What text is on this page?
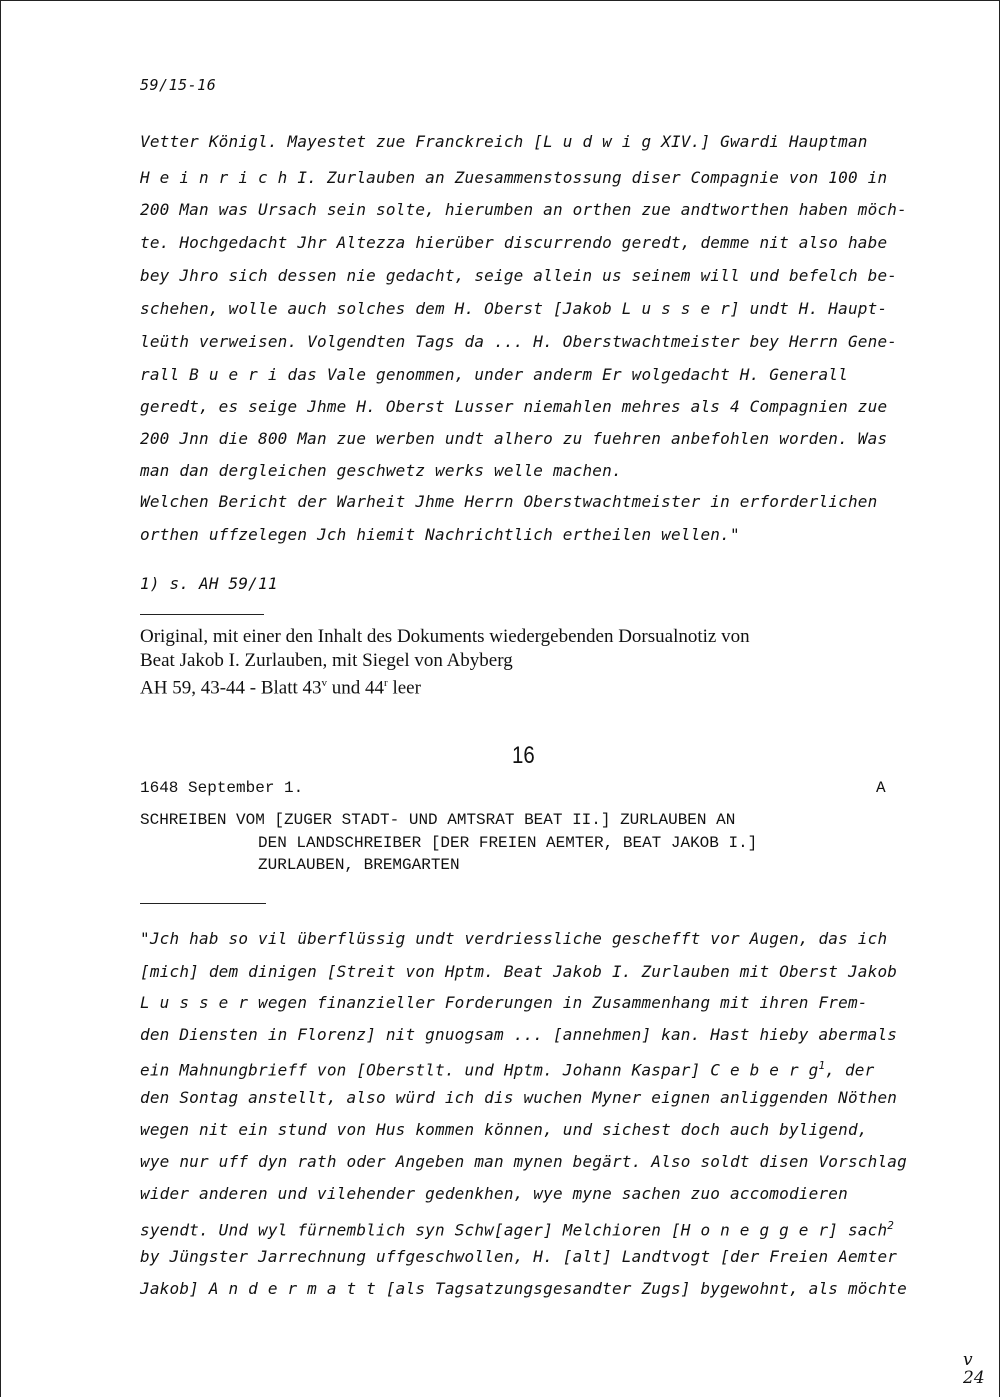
59/15-16
Vetter Königl. Mayestet zue Franckreich [L u d w i g XIV.] Gwardi Hauptman
H e i n r i c h I. Zurlauben an Zuesammenstossung diser Compagnie von 100 in
200 Man was Ursach sein solte, hierumben an orthen zue andtworthen haben möch-
te. Hochgedacht Jhr Altezza hierüber discurrendo geredt, demme nit also habe
bey Jhro sich dessen nie gedacht, seige allein us seinem will und befelch be-
schehen, wolle auch solches dem H. Oberst [Jakob L u s s e r] undt H. Haupt-
leüth verweisen. Volgendten Tags da ... H. Oberstwachtmeister bey Herrn Gene-
rall B u e r i das Vale genommen, under anderm Er wolgedacht H. Generall
geredt, es seige Jhme H. Oberst Lusser niemahlen mehres als 4 Compagnien zue
200 Jnn die 800 Man zue werben undt alhero zu fuehren anbefohlen worden. Was
man dan dergleichen geschwetz werks welle machen.
Welchen Bericht der Warheit Jhme Herrn Oberstwachtmeister in erforderlichen
orthen uffzelegen Jch hiemit Nachrichtlich ertheilen wellen."
1) s. AH 59/11
Original, mit einer den Inhalt des Dokuments wiedergebenden Dorsualnotiz von
Beat Jakob I. Zurlauben, mit Siegel von Abyberg
AH 59, 43-44 - Blatt 43$^v$ und 44$^r$ leer
16
1648 September 1.	A
SCHREIBEN VOM [ZUGER STADT- UND AMTSRAT BEAT II.] ZURLAUBEN AN
DEN LANDSCHREIBER [DER FREIEN AEMTER, BEAT JAKOB I.]
ZURLAUBEN, BREMGARTEN
"Jch hab so vil überflüssig undt verdriessliche geschefft vor Augen, das ich
[mich] dem dinigen [Streit von Hptm. Beat Jakob I. Zurlauben mit Oberst Jakob
L u s s e r wegen finanzieller Forderungen in Zusammenhang mit ihren Frem-
den Diensten in Florenz] nit gnuogsam ... [annehmen] kan. Hast hieby abermals
ein Mahnungbrieff von [Oberstlt. und Hptm. Johann Kaspar] C e b e r $g^1$, der
den Sontag anstellt, also würd ich dis wuchen Myner eignen anliggenden Nöthen
wegen nit ein stund von Hus kommen können, und sichest doch auch byligend,
wye nur uff dyn rath oder Angeben man mynen begärt. Also soldt disen Vorschlag
wider anderen und vilehender gedenkhen, wye myne sachen zuo accomodieren
syendt. Und wyl fürnemblich syn Schw[ager] Melchioren [H o n e g g e r] sach$^2$
by Jüngster Jarrechnung uffgeschwollen, H. [alt] Landtvogt [der Freien Aemter
Jakob] A n d e r m a t t [als Tagsatzungsgesandter Zugs] bygewohnt, als möchte
v
24
